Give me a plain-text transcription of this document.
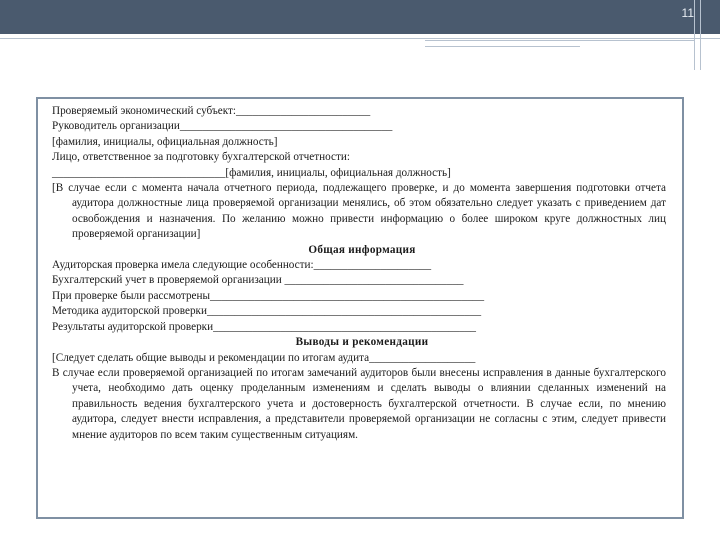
11
Проверяемый экономический субъект:________________________
Руководитель организации______________________________________
[фамилия, инициалы, официальная должность]
Лицо, ответственное за подготовку бухгалтерской отчетности:
_______________________________[фамилия, инициалы, официальная должность]
[В случае если с момента начала отчетного периода, подлежащего проверке, и до момента завершения подготовки отчета аудитора должностные лица проверяемой организации менялись, об этом обязательно следует указать с приведением дат освобождения и назначения. По желанию можно привести информацию о более широком круге должностных лиц проверяемой организации]
Общая информация
Аудиторская проверка имела следующие особенности:_____________________
Бухгалтерский учет в проверяемой организации ________________________________
При проверке были рассмотрены_________________________________________________
Методика аудиторской проверки_________________________________________________
Результаты аудиторской проверки_______________________________________________
Выводы и рекомендации
[Следует сделать общие выводы и рекомендации по итогам аудита___________________
В случае если проверяемой организацией по итогам замечаний аудиторов были внесены исправления в данные бухгалтерского учета, необходимо дать оценку проделанным изменениям и сделать выводы о влиянии сделанных изменений на правильность ведения бухгалтерского учета и достоверность бухгалтерской отчетности. В случае если, по мнению аудитора, следует внести исправления, а представители проверяемой организации не согласны с этим, следует привести мнение аудиторов по всем таким существенным ситуациям.
